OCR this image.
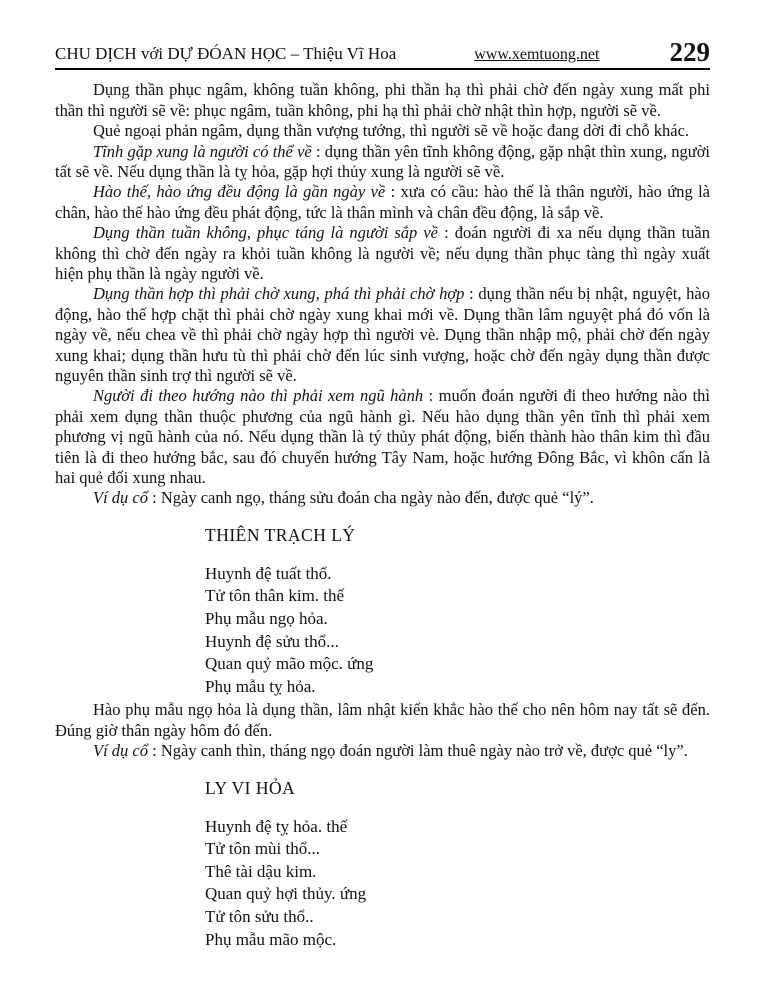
CHU DỊCH với DỰ ĐÓAN HỌC – Thiệu Vĩ Hoa	www.xemtuong.net	229

Dụng thần phục ngâm, không tuần không, phi thần hạ thì phải chờ đến ngày xung mất phi thần thì người sẽ về: phục ngâm, tuần không, phi hạ thì phải chờ nhật thìn hợp, người sẽ về.

Quẻ ngoại phản ngâm, dụng thần vượng tướng, thì người sẽ về hoặc đang dời đi chỗ khác.

Tĩnh gặp xung là người có thể về : dụng thần yên tĩnh không động, gặp nhật thìn xung, người tất sẽ về. Nếu dụng thần là tỵ hỏa, gặp hợi thủy xung là người sẽ về.

Hào thế, hào ứng đều động là gần ngày về : xưa có cầu: hào thế là thân người, hào ứng là chân, hào thế hào ứng đều phát động, tức là thân mình và chân đều động, là sắp về.

Dụng thần tuần không, phục táng là người sắp về : đoán người đi xa nếu dụng thần tuần không thì chờ đến ngày ra khỏi tuần không là người về; nếu dụng thần phục tàng thì ngày xuất hiện phụ thần là ngày người về.

Dụng thần hợp thì phải chờ xung, phá thì phải chờ hợp : dụng thần nếu bị nhật, nguyệt, hào động, hào thế hợp chặt thì phải chờ ngày xung khai mới về. Dụng thần lâm nguyệt phá đó vốn là ngày về, nếu chea về thì phải chờ ngày hợp thì người vè. Dụng thần nhập mộ, phải chờ đến ngày xung khai; dụng thần hưu tù thì phải chờ đến lúc sinh vượng, hoặc chờ đến ngày dụng thần được nguyên thần sinh trợ thì người sẽ về.

Người đi theo hướng nào thì phải xem ngũ hành : muốn đoán người đi theo hướng nào thì phải xem dụng thần thuộc phương của ngũ hành gì. Nếu hào dụng thần yên tĩnh thì phải xem phương vị ngũ hành của nó. Nếu dụng thần là tý thủy phát động, biến thành hào thân kim thì đầu tiên là đi theo hướng bắc, sau đó chuyển hướng Tây Nam, hoặc hướng Đông Bắc, vì khôn cấn là hai quẻ đối xung nhau.

Ví dụ cổ : Ngày canh ngọ, tháng sửu đoán cha ngày nào đến, được quẻ “lý”.

THIÊN TRẠCH LÝ
Huynh đệ tuất thổ.
Tử tôn thân kim. thế
Phụ mẫu ngọ hỏa.
Huynh đệ sửu thổ...
Quan quỷ mão mộc. ứng
Phụ mẫu tỵ hỏa.

Hào phụ mẫu ngọ hỏa là dụng thần, lâm nhật kiến khắc hào thế cho nên hôm nay tất sẽ đến. Đúng giờ thân ngày hôm đó đến.

Ví dụ cổ : Ngày canh thìn, tháng ngọ đoán người làm thuê ngày nào trở về, được quẻ “ly”.

LY VI HỎA
Huynh đệ tỵ hỏa. thế
Tử tôn mùi thổ...
Thê tài dậu kim.
Quan quỷ hợi thủy. ứng
Tử tôn sửu thổ..
Phụ mẫu mão mộc.
